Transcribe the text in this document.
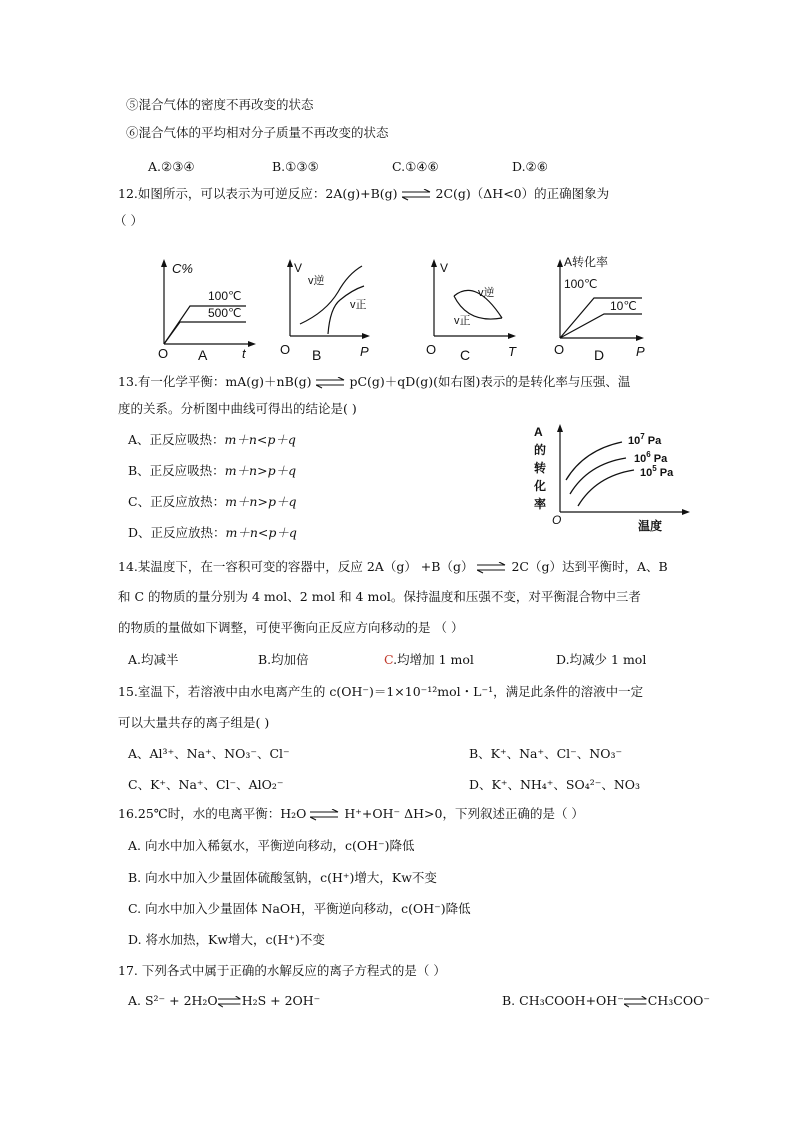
⑤混合气体的密度不再改变的状态
⑥混合气体的平均相对分子质量不再改变的状态
A.②③④	B.①③⑤	C.①④⑥	D.②⑥
12.如图所示，可以表示为可逆反应：2A(g)+B(g)	2C(g)（ΔH<0）的正确图象为
（ ）
C%
100℃
500℃
O	t
A
V
v逆
v正
O	P
B
V
v逆
v正
O	T
C
A转化率
100℃
10℃
O	P
D
13.有一化学平衡：mA(g)＋nB(g)	pC(g)＋qD(g)(如右图)表示的是转化率与压强、温
度的关系。分析图中曲线可得出的结论是( )
A、正反应吸热：m＋n<p＋q
B、正反应吸热：m＋n>p＋q
C、正反应放热：m＋n>p＋q
D、正反应放热：m＋n<p＋q
A
的
转
化
率
$10^7$ Pa
$10^6$ Pa
$10^5$ Pa
O	温度
14.某温度下，在一容积可变的容器中，反应 2A（g） +B（g）	2C（g）达到平衡时，A、B
和 C 的物质的量分别为 4 mol、2 mol 和 4 mol。保持温度和压强不变，对平衡混合物中三者
的物质的量做如下调整，可使平衡向正反应方向移动的是 （ ）
A.均减半	B.均加倍	C.均增加 1 mol	D.均减少 1 mol
15.室温下，若溶液中由水电离产生的 c(OH⁻)＝1×10⁻¹²mol・L⁻¹，满足此条件的溶液中一定
可以大量共存的离子组是( )
A、Al³⁺、Na⁺、NO₃⁻、Cl⁻	B、K⁺、Na⁺、Cl⁻、NO₃⁻
C、K⁺、Na⁺、Cl⁻、AlO₂⁻	D、K⁺、NH₄⁺、SO₄²⁻、NO₃
16.25℃时，水的电离平衡：H₂O	H⁺+OH⁻ ΔH>0，下列叙述正确的是（ ）
A. 向水中加入稀氨水，平衡逆向移动，c(OH⁻)降低
B. 向水中加入少量固体硫酸氢钠，c(H⁺)增大，Kw不变
C. 向水中加入少量固体 NaOH，平衡逆向移动，c(OH⁻)降低
D. 将水加热，Kw增大，c(H⁺)不变
17. 下列各式中属于正确的水解反应的离子方程式的是（ ）
A. S²⁻ + 2H₂O H₂S + 2OH⁻	B. CH₃COOH+OH⁻ CH₃COO⁻
